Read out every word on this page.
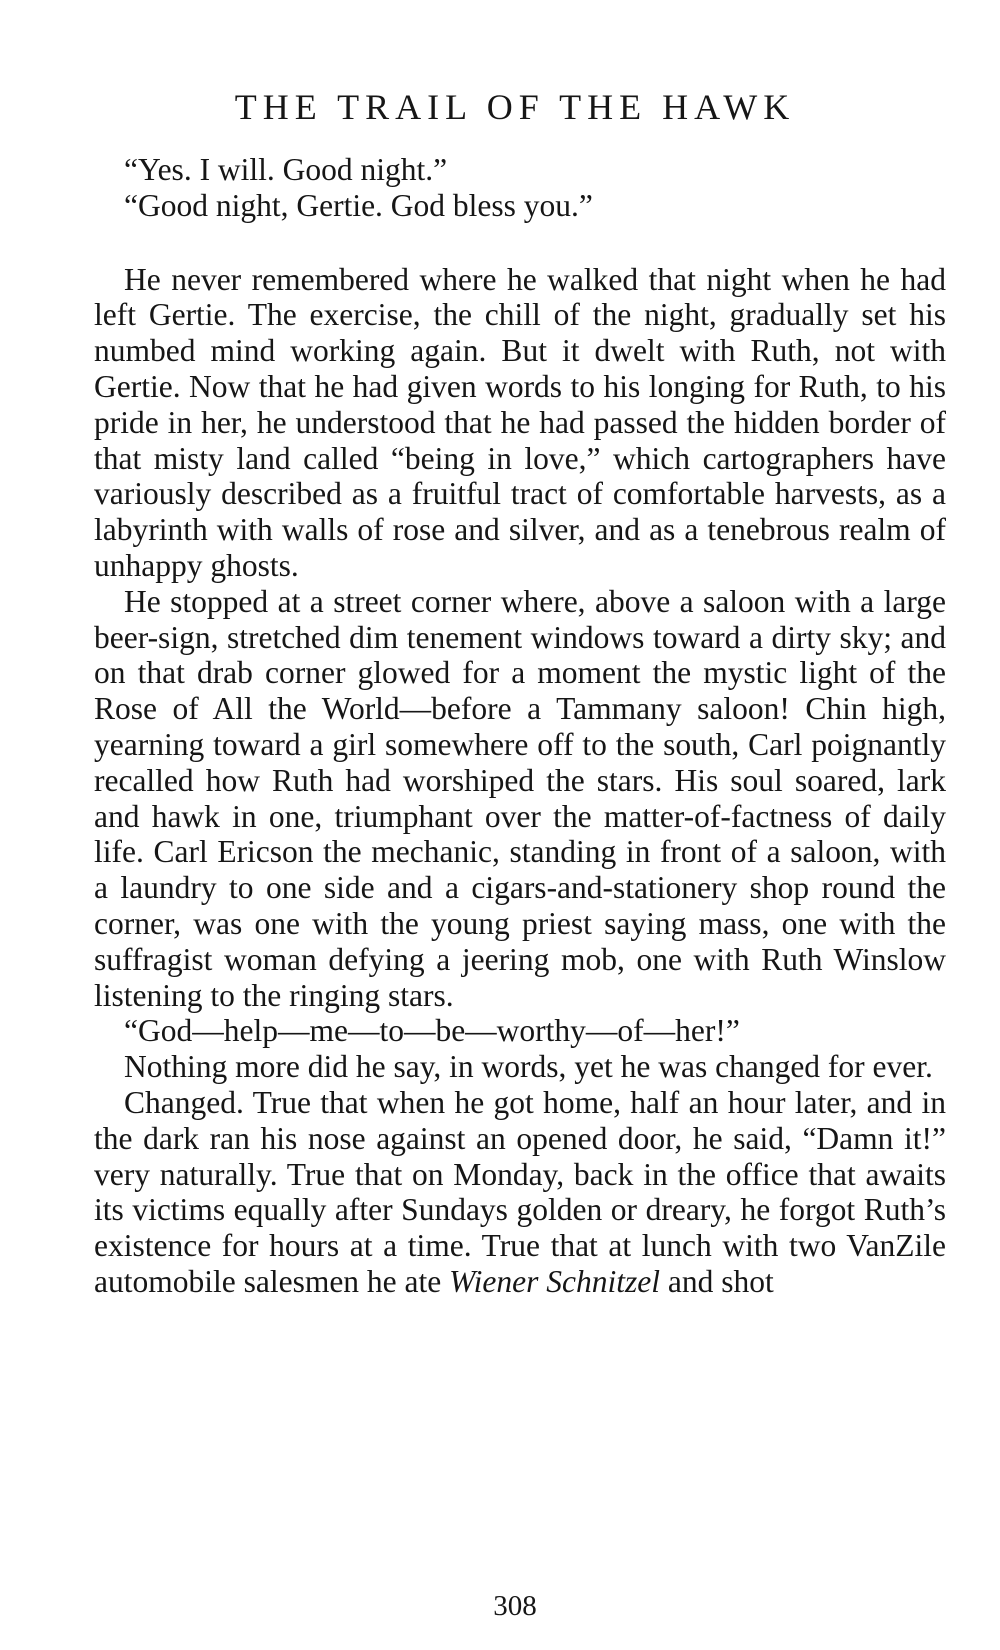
THE TRAIL OF THE HAWK

“Yes. I will. Good night.”

“Good night, Gertie. God bless you.”

He never remembered where he walked that night when he had left Gertie. The exercise, the chill of the night, gradually set his numbed mind working again. But it dwelt with Ruth, not with Gertie. Now that he had given words to his longing for Ruth, to his pride in her, he understood that he had passed the hidden border of that misty land called “being in love,” which cartographers have variously described as a fruitful tract of comfortable harvests, as a labyrinth with walls of rose and silver, and as a tenebrous realm of unhappy ghosts.

He stopped at a street corner where, above a saloon with a large beer-sign, stretched dim tenement windows toward a dirty sky; and on that drab corner glowed for a moment the mystic light of the Rose of All the World—before a Tammany saloon! Chin high, yearning toward a girl somewhere off to the south, Carl poignantly recalled how Ruth had worshiped the stars. His soul soared, lark and hawk in one, triumphant over the matter-of-factness of daily life. Carl Ericson the mechanic, standing in front of a saloon, with a laundry to one side and a cigars-and-stationery shop round the corner, was one with the young priest saying mass, one with the suffragist woman defying a jeering mob, one with Ruth Winslow listening to the ringing stars.

“God—help—me—to—be—worthy—of—her!”

Nothing more did he say, in words, yet he was changed for ever.

Changed. True that when he got home, half an hour later, and in the dark ran his nose against an opened door, he said, “Damn it!” very naturally. True that on Monday, back in the office that awaits its victims equally after Sundays golden or dreary, he forgot Ruth’s existence for hours at a time. True that at lunch with two VanZile automobile salesmen he ate Wiener Schnitzel and shot

308
